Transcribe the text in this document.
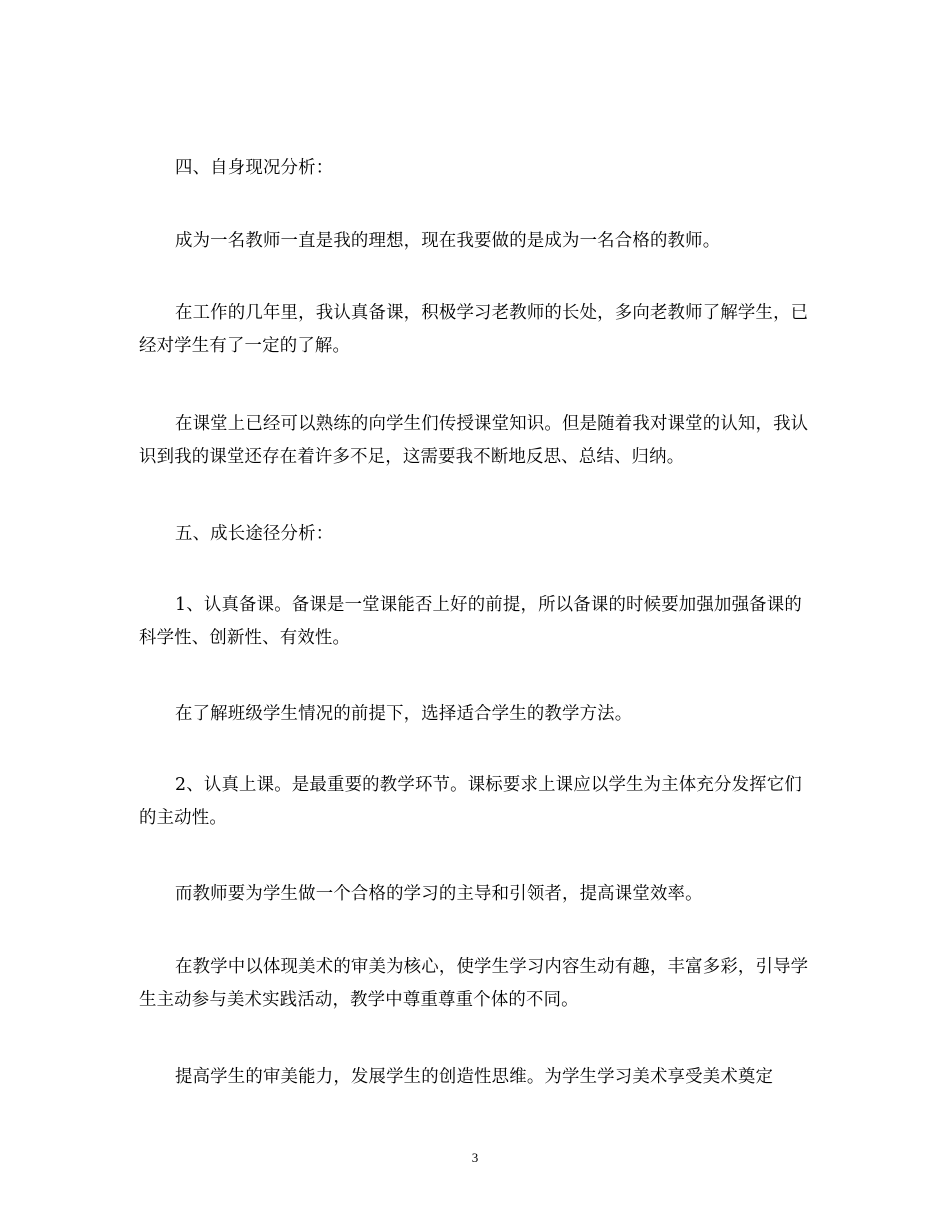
四、自身现况分析：

成为一名教师一直是我的理想，现在我要做的是成为一名合格的教师。

在工作的几年里，我认真备课，积极学习老教师的长处，多向老教师了解学生，已经对学生有了一定的了解。

在课堂上已经可以熟练的向学生们传授课堂知识。但是随着我对课堂的认知，我认识到我的课堂还存在着许多不足，这需要我不断地反思、总结、归纳。

五、成长途径分析：

1、认真备课。备课是一堂课能否上好的前提，所以备课的时候要加强加强备课的科学性、创新性、有效性。

在了解班级学生情况的前提下，选择适合学生的教学方法。

2、认真上课。是最重要的教学环节。课标要求上课应以学生为主体充分发挥它们的主动性。

而教师要为学生做一个合格的学习的主导和引领者，提高课堂效率。

在教学中以体现美术的审美为核心，使学生学习内容生动有趣，丰富多彩，引导学生主动参与美术实践活动，教学中尊重尊重个体的不同。

提高学生的审美能力，发展学生的创造性思维。为学生学习美术享受美术奠定

3
